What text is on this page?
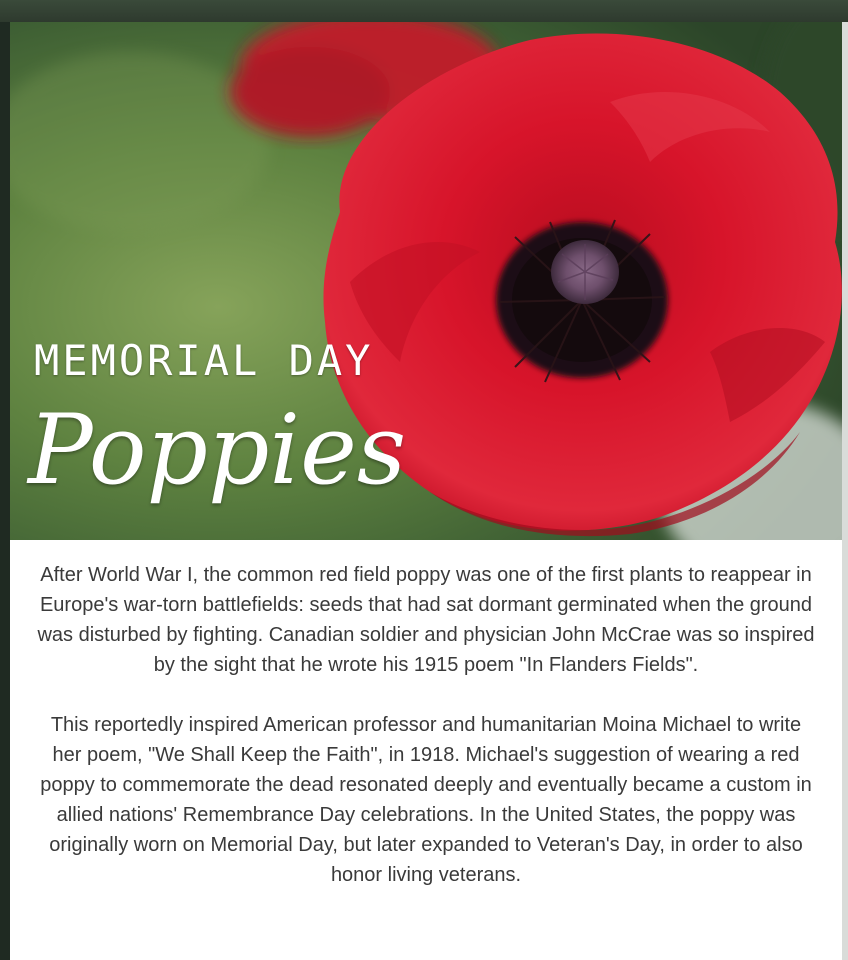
MEMORIAL DAY
Poppies

After World War I, the common red field poppy was one of the first plants to reappear in Europe's war-torn battlefields: seeds that had sat dormant germinated when the ground was disturbed by fighting. Canadian soldier and physician John McCrae was so inspired by the sight that he wrote his 1915 poem "In Flanders Fields".

This reportedly inspired American professor and humanitarian Moina Michael to write her poem, "We Shall Keep the Faith", in 1918. Michael's suggestion of wearing a red poppy to commemorate the dead resonated deeply and eventually became a custom in allied nations' Remembrance Day celebrations. In the United States, the poppy was originally worn on Memorial Day, but later expanded to Veteran's Day, in order to also honor living veterans.
